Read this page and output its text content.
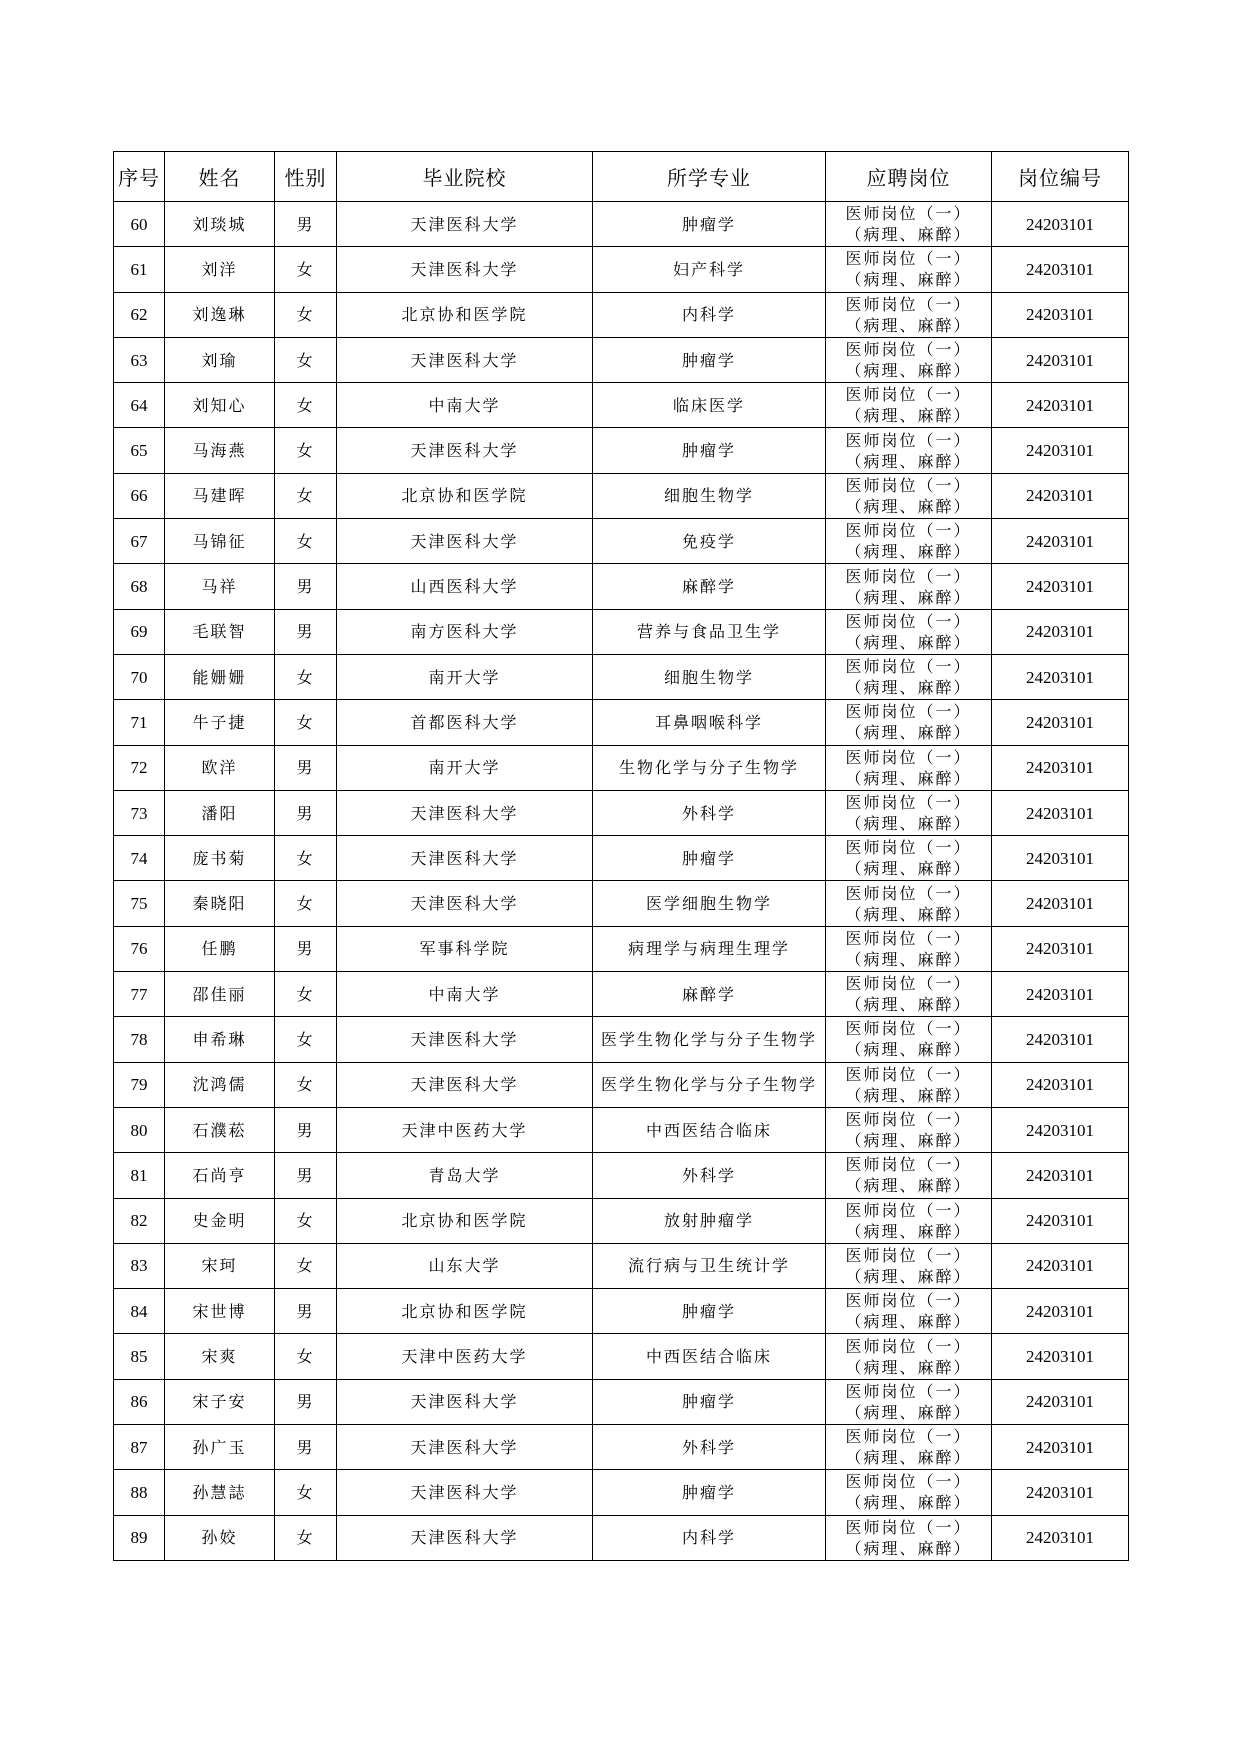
序号	姓名	性别	毕业院校	所学专业	应聘岗位	岗位编号
60	刘琰城	男	天津医科大学	肿瘤学	医师岗位（一）
（病理、麻醉）	24203101
61	刘洋	女	天津医科大学	妇产科学	医师岗位（一）
（病理、麻醉）	24203101
62	刘逸琳	女	北京协和医学院	内科学	医师岗位（一）
（病理、麻醉）	24203101
63	刘瑜	女	天津医科大学	肿瘤学	医师岗位（一）
（病理、麻醉）	24203101
64	刘知心	女	中南大学	临床医学	医师岗位（一）
（病理、麻醉）	24203101
65	马海燕	女	天津医科大学	肿瘤学	医师岗位（一）
（病理、麻醉）	24203101
66	马建晖	女	北京协和医学院	细胞生物学	医师岗位（一）
（病理、麻醉）	24203101
67	马锦征	女	天津医科大学	免疫学	医师岗位（一）
（病理、麻醉）	24203101
68	马祥	男	山西医科大学	麻醉学	医师岗位（一）
（病理、麻醉）	24203101
69	毛联智	男	南方医科大学	营养与食品卫生学	医师岗位（一）
（病理、麻醉）	24203101
70	能姗姗	女	南开大学	细胞生物学	医师岗位（一）
（病理、麻醉）	24203101
71	牛子捷	女	首都医科大学	耳鼻咽喉科学	医师岗位（一）
（病理、麻醉）	24203101
72	欧洋	男	南开大学	生物化学与分子生物学	医师岗位（一）
（病理、麻醉）	24203101
73	潘阳	男	天津医科大学	外科学	医师岗位（一）
（病理、麻醉）	24203101
74	庞书菊	女	天津医科大学	肿瘤学	医师岗位（一）
（病理、麻醉）	24203101
75	秦晓阳	女	天津医科大学	医学细胞生物学	医师岗位（一）
（病理、麻醉）	24203101
76	任鹏	男	军事科学院	病理学与病理生理学	医师岗位（一）
（病理、麻醉）	24203101
77	邵佳丽	女	中南大学	麻醉学	医师岗位（一）
（病理、麻醉）	24203101
78	申希琳	女	天津医科大学	医学生物化学与分子生物学	医师岗位（一）
（病理、麻醉）	24203101
79	沈鸿儒	女	天津医科大学	医学生物化学与分子生物学	医师岗位（一）
（病理、麻醉）	24203101
80	石濮菘	男	天津中医药大学	中西医结合临床	医师岗位（一）
（病理、麻醉）	24203101
81	石尚亨	男	青岛大学	外科学	医师岗位（一）
（病理、麻醉）	24203101
82	史金明	女	北京协和医学院	放射肿瘤学	医师岗位（一）
（病理、麻醉）	24203101
83	宋珂	女	山东大学	流行病与卫生统计学	医师岗位（一）
（病理、麻醉）	24203101
84	宋世博	男	北京协和医学院	肿瘤学	医师岗位（一）
（病理、麻醉）	24203101
85	宋爽	女	天津中医药大学	中西医结合临床	医师岗位（一）
（病理、麻醉）	24203101
86	宋子安	男	天津医科大学	肿瘤学	医师岗位（一）
（病理、麻醉）	24203101
87	孙广玉	男	天津医科大学	外科学	医师岗位（一）
（病理、麻醉）	24203101
88	孙慧誌	女	天津医科大学	肿瘤学	医师岗位（一）
（病理、麻醉）	24203101
89	孙姣	女	天津医科大学	内科学	医师岗位（一）
（病理、麻醉）	24203101
